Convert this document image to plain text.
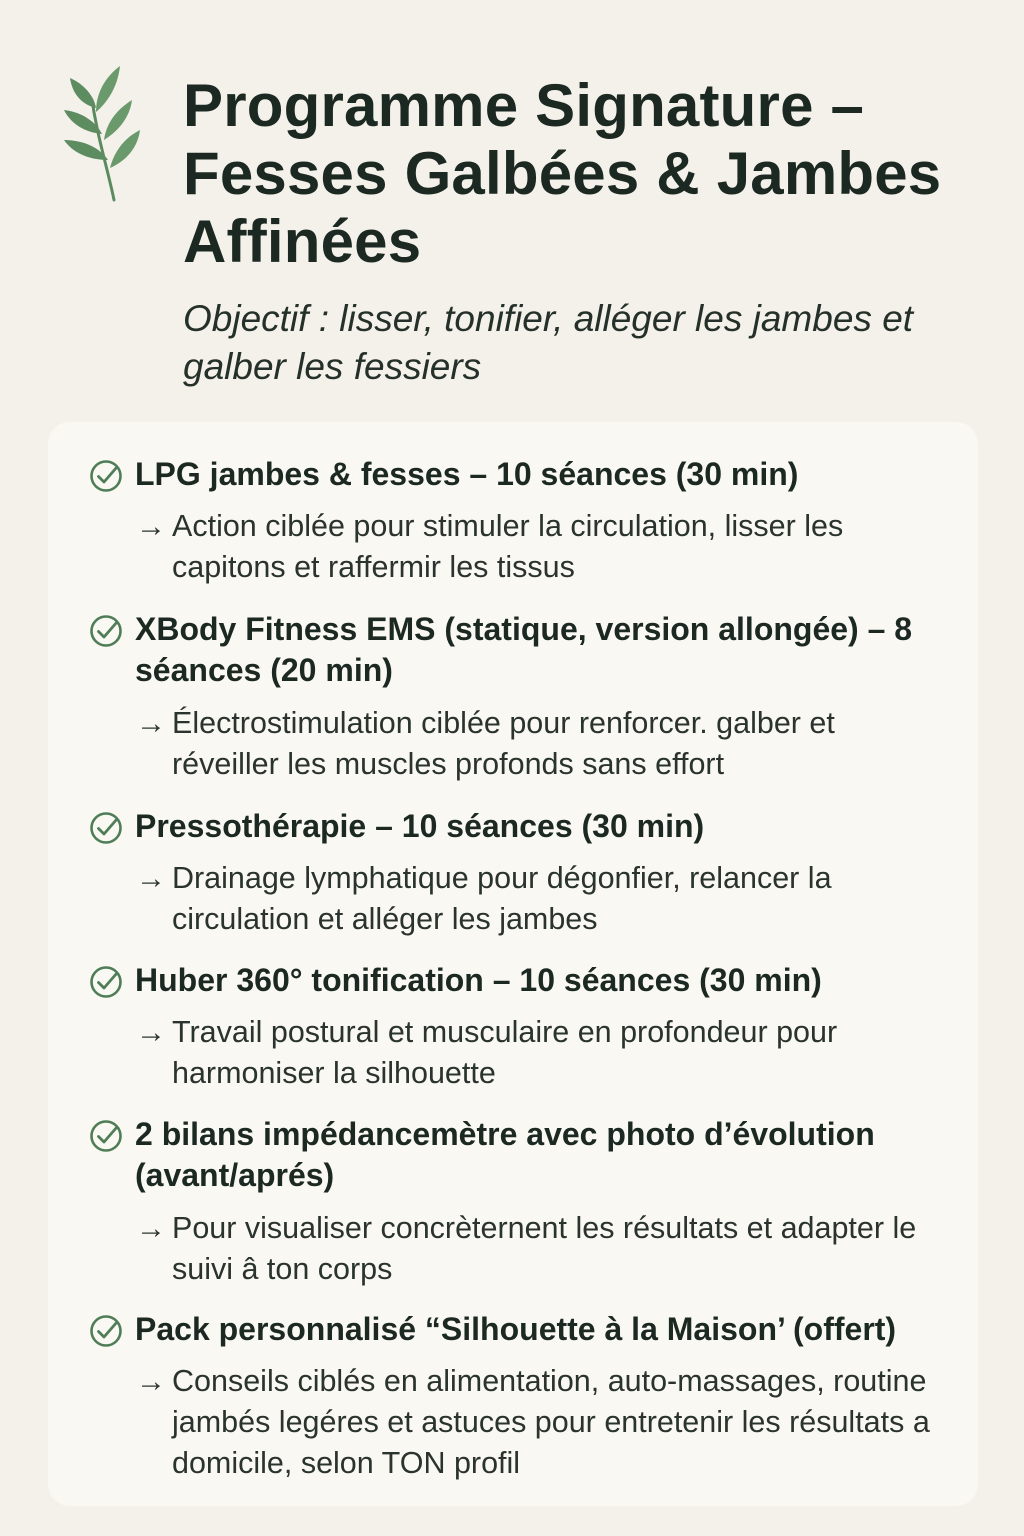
Programme Signature – Fesses Galbées & Jambes Affinées

Objectif : lisser, tonifier, alléger les jambes et galber les fessiers

LPG jambes & fesses – 10 séances (30 min)
→ Action ciblée pour stimuler la circulation, lisser les capitons et raffermir les tissus

XBody Fitness EMS (statique, version allongée) – 8 séances (20 min)
→ Électrostimulation ciblée pour renforcer. galber et réveiller les muscles profonds sans effort

Pressothérapie – 10 séances (30 min)
→ Drainage lymphatique pour dégonfier, relancer la circulation et alléger les jambes

Huber 360° tonification – 10 séances (30 min)
→ Travail postural et musculaire en profondeur pour harmoniser la silhouette

2 bilans impédancemètre avec photo d’évolution (avant/aprés)
→ Pour visualiser concrèternent les résultats et adapter le suivi â ton corps

Pack personnalisé “Silhouette à la Maison’ (offert)
→ Conseils ciblés en alimentation, auto-massages, routine jambés legéres et astuces pour entretenir les résultats a domicile, selon TON profil
